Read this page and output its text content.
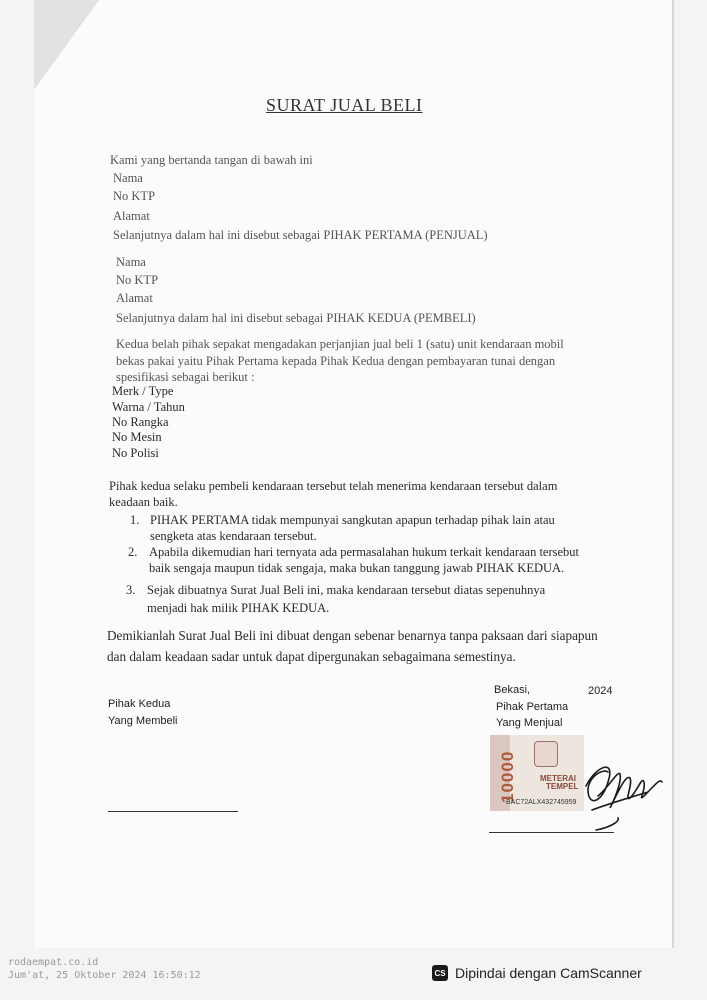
SURAT JUAL BELI
Kami yang bertanda tangan di bawah ini
Nama
No KTP
Alamat
Selanjutnya dalam hal ini disebut sebagai PIHAK PERTAMA (PENJUAL)
Nama
No KTP
Alamat
Selanjutnya dalam hal ini disebut sebagai PIHAK KEDUA (PEMBELI)
Kedua belah pihak sepakat mengadakan perjanjian jual beli 1 (satu) unit kendaraan mobil
bekas pakai yaitu Pihak Pertama kepada Pihak Kedua dengan pembayaran tunai dengan
spesifikasi sebagai berikut :
Merk / Type
Warna / Tahun
No Rangka
No Mesin
No Polisi
Pihak kedua selaku pembeli kendaraan tersebut telah menerima kendaraan tersebut dalam
keadaan baik.
1. PIHAK PERTAMA tidak mempunyai sangkutan apapun terhadap pihak lain atau
sengketa atas kendaraan tersebut.
2. Apabila dikemudian hari ternyata ada permasalahan hukum terkait kendaraan tersebut
baik sengaja maupun tidak sengaja, maka bukan tanggung jawab PIHAK KEDUA.
3. Sejak dibuatnya Surat Jual Beli ini, maka kendaraan tersebut diatas sepenuhnya
menjadi hak milik PIHAK KEDUA.
Demikianlah Surat Jual Beli ini dibuat dengan sebenar benarnya tanpa paksaan dari siapapun
dan dalam keadaan sadar untuk dapat dipergunakan sebagaimana semestinya.
Bekasi,	2024
Pihak Kedua
Yang Membeli
Pihak Pertama
Yang Menjual
10000	METERAI
TEMPEL
BAC72ALX432745959
rodaempat.co.id
Jum'at, 25 Oktober 2024 16:50:12	CS Dipindai dengan CamScanner
